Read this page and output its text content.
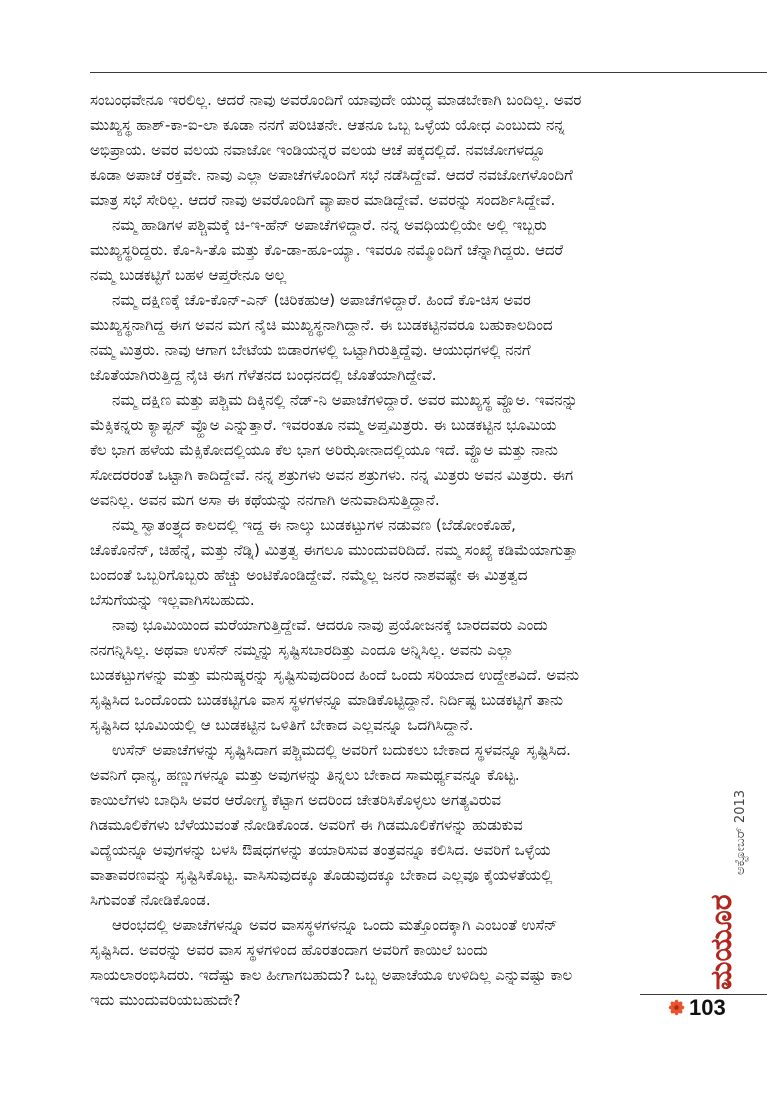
ಸಂಬಂಧವೇನೂ ಇರಲಿಲ್ಲ. ಆದರೆ ನಾವು ಅವರೊಂದಿಗೆ ಯಾವುದೇ ಯುದ್ಧ ಮಾಡಬೇಕಾಗಿ ಬಂದಿಲ್ಲ. ಅವರ
ಮುಖ್ಯಸ್ಥ ಹಾಶ್-ಕಾ-ಐ-ಲಾ ಕೂಡಾ ನನಗೆ ಪರಿಚಿತನೇ. ಆತನೂ ಒಬ್ಬ ಒಳ್ಳೆಯ ಯೋಧ ಎಂಬುದು ನನ್ನ
ಅಭಿಪ್ರಾಯ. ಅವರ ವಲಯ ನವಾಜೋ ಇಂಡಿಯನ್ನರ ವಲಯ ಆಚೆ ಪಕ್ಕದಲ್ಲಿದೆ. ನವಜೋಗಳದ್ದೂ
ಕೂಡಾ ಅಪಾಚೆ ರಕ್ತವೇ. ನಾವು ಎಲ್ಲಾ ಅಪಾಚೆಗಳೊಂದಿಗೆ ಸಭೆ ನಡೆಸಿದ್ದೇವೆ. ಆದರೆ ನವಜೋಗಳೊಂದಿಗೆ
ಮಾತ್ರ ಸಭೆ ಸೇರಿಲ್ಲ. ಆದರೆ ನಾವು ಅವರೊಂದಿಗೆ ವ್ಯಾಪಾರ ಮಾಡಿದ್ದೇವೆ. ಅವರನ್ನು ಸಂದರ್ಶಿಸಿದ್ದೇವೆ.
ನಮ್ಮ ಹಾಡಿಗಳ ಪಶ್ಚಿಮಕ್ಕೆ ಚಿ-ಇ-ಹೆನ್ ಅಪಾಚೆಗಳಿದ್ದಾರೆ. ನನ್ನ ಅವಧಿಯಲ್ಲಿಯೇ ಅಲ್ಲಿ ಇಬ್ಬರು
ಮುಖ್ಯಸ್ಥರಿದ್ದರು. ಕೊ-ಸಿ-ತೊ ಮತ್ತು ಕೊ-ಡಾ-ಹೂ-ಯ್ಯಾ. ಇವರೂ ನಮ್ಮೊಂದಿಗೆ ಚೆನ್ನಾಗಿದ್ದರು. ಆದರೆ
ನಮ್ಮ ಬುಡಕಟ್ಟಿಗೆ ಬಹಳ ಆಪ್ತರೇನೂ ಅಲ್ಲ
ನಮ್ಮ ದಕ್ಷಿಣಕ್ಕೆ ಚೊ-ಕೊನ್-ಎನ್ (ಚಿರಿಕಹುಆ) ಅಪಾಚೆಗಳಿದ್ದಾರೆ. ಹಿಂದೆ ಕೊ-ಚಿಸ ಅವರ
ಮುಖ್ಯಸ್ಥನಾಗಿದ್ದ ಈಗ ಅವನ ಮಗ ನೈಚಿ ಮುಖ್ಯಸ್ಥನಾಗಿದ್ದಾನೆ. ಈ ಬುಡಕಟ್ಟಿನವರೂ ಬಹುಕಾಲದಿಂದ
ನಮ್ಮ ಮಿತ್ರರು. ನಾವು ಆಗಾಗ ಬೇಟೆಯ ಬಿಡಾರಗಳಲ್ಲಿ ಒಟ್ಟಾಗಿರುತ್ತಿದ್ದೆವು. ಆಯುಧಗಳಲ್ಲಿ ನನಗೆ
ಜೊತೆಯಾಗಿರುತ್ತಿದ್ದ ನೈಚಿ ಈಗ ಗೆಳೆತನದ ಬಂಧನದಲ್ಲಿ ಜೊತೆಯಾಗಿದ್ದೇವೆ.
ನಮ್ಮ ದಕ್ಷಿಣ ಮತ್ತು ಪಶ್ಚಿಮ ದಿಕ್ಕಿನಲ್ಲಿ ನೆಡ್-ನಿ ಅಪಾಚೆಗಳಿದ್ದಾರೆ. ಅವರ ಮುಖ್ಯಸ್ಥ ವ್ಹೊಅ. ಇವನನ್ನು
ಮೆಕ್ಸಿಕನ್ನರು ಕ್ಯಾಪ್ಟನ್ ವ್ಹೊಅ ಎನ್ನುತ್ತಾರೆ. ಇವರಂತೂ ನಮ್ಮ ಅಪ್ತಮಿತ್ರರು. ಈ ಬುಡಕಟ್ಟಿನ ಭೂಮಿಯ
ಕೆಲ ಭಾಗ ಹಳೆಯ ಮೆಕ್ಸಿಕೋದಲ್ಲಿಯೂ ಕೆಲ ಭಾಗ ಅರಿಝೋನಾದಲ್ಲಿಯೂ ಇದೆ. ವ್ಹೊಅ ಮತ್ತು ನಾನು
ಸೋದರರಂತೆ ಒಟ್ಟಾಗಿ ಕಾದಿದ್ದೇವೆ. ನನ್ನ ಶತ್ರುಗಳು ಅವನ ಶತ್ರುಗಳು. ನನ್ನ ಮಿತ್ರರು ಅವನ ಮಿತ್ರರು. ಈಗ
ಅವನಿಲ್ಲ. ಅವನ ಮಗ ಅಸಾ ಈ ಕಥೆಯನ್ನು ನನಗಾಗಿ ಅನುವಾದಿಸುತ್ತಿದ್ದಾನೆ.
ನಮ್ಮ ಸ್ವಾತಂತ್ರ್ಯದ ಕಾಲದಲ್ಲಿ ಇದ್ದ ಈ ನಾಲ್ಕು ಬುಡಕಟ್ಟುಗಳ ನಡುವಣ (ಬೆಡೋಂಕೊಹೆ,
ಚೊಕೊನೆನ್, ಚಿಹೆನ್ನೆ, ಮತ್ತು ನೆಡ್ನಿ) ಮಿತ್ರತ್ವ ಈಗಲೂ ಮುಂದುವರಿದಿದೆ. ನಮ್ಮ ಸಂಖ್ಯೆ ಕಡಿಮೆಯಾಗುತ್ತಾ
ಬಂದಂತೆ ಒಬ್ಬರಿಗೊಬ್ಬರು ಹೆಚ್ಚು ಅಂಟಿಕೊಂಡಿದ್ದೇವೆ. ನಮ್ಮೆಲ್ಲ ಜನರ ನಾಶವಷ್ಟೇ ಈ ಮಿತ್ರತ್ವದ
ಬೆಸುಗೆಯನ್ನು ಇಲ್ಲವಾಗಿಸಬಹುದು.
ನಾವು ಭೂಮಿಯಿಂದ ಮರೆಯಾಗುತ್ತಿದ್ದೇವೆ. ಆದರೂ ನಾವು ಪ್ರಯೋಜನಕ್ಕೆ ಬಾರದವರು ಎಂದು
ನನಗನ್ನಿಸಿಲ್ಲ. ಅಥವಾ ಉಸೆನ್ ನಮ್ಮನ್ನು ಸೃಷ್ಟಿಸಬಾರದಿತ್ತು ಎಂದೂ ಅನ್ನಿಸಿಲ್ಲ. ಅವನು ಎಲ್ಲಾ
ಬುಡಕಟ್ಟುಗಳನ್ನು ಮತ್ತು ಮನುಷ್ಯರನ್ನು ಸೃಷ್ಟಿಸುವುದರಿಂದ ಹಿಂದೆ ಒಂದು ಸರಿಯಾದ ಉದ್ದೇಶವಿದೆ. ಅವನು
ಸೃಷ್ಟಿಸಿದ ಒಂದೊಂದು ಬುಡಕಟ್ಟಿಗೂ ವಾಸ ಸ್ಥಳಗಳನ್ನೂ ಮಾಡಿಕೊಟ್ಟಿದ್ದಾನೆ. ನಿರ್ದಿಷ್ಟ ಬುಡಕಟ್ಟಿಗೆ ತಾನು
ಸೃಷ್ಟಿಸಿದ ಭೂಮಿಯಲ್ಲಿ ಆ ಬುಡಕಟ್ಟಿನ ಒಳಿತಿಗೆ ಬೇಕಾದ ಎಲ್ಲವನ್ನೂ ಒದಗಿಸಿದ್ದಾನೆ.
ಉಸೆನ್ ಅಪಾಚೆಗಳನ್ನು ಸೃಷ್ಟಿಸಿದಾಗ ಪಶ್ಚಿಮದಲ್ಲಿ ಅವರಿಗೆ ಬದುಕಲು ಬೇಕಾದ ಸ್ಥಳವನ್ನೂ ಸೃಷ್ಟಿಸಿದ.
ಅವನಿಗೆ ಧಾನ್ಯ, ಹಣ್ಣುಗಳನ್ನೂ ಮತ್ತು ಅವುಗಳನ್ನು ತಿನ್ನಲು ಬೇಕಾದ ಸಾಮರ್ಥ್ಯವನ್ನೂ ಕೊಟ್ಟ.
ಕಾಯಿಲೆಗಳು ಬಾಧಿಸಿ ಅವರ ಆರೋಗ್ಯ ಕೆಟ್ಟಾಗ ಅದರಿಂದ ಚೇತರಿಸಿಕೊಳ್ಳಲು ಅಗತ್ಯವಿರುವ
ಗಿಡಮೂಲಿಕೆಗಳು ಬೆಳೆಯುವಂತೆ ನೋಡಿಕೊಂಡ. ಅವರಿಗೆ ಈ ಗಿಡಮೂಲಿಕೆಗಳನ್ನು ಹುಡುಕುವ
ವಿದ್ಯೆಯನ್ನೂ ಅವುಗಳನ್ನು ಬಳಸಿ ಔಷಧಗಳನ್ನು ತಯಾರಿಸುವ ತಂತ್ರವನ್ನೂ ಕಲಿಸಿದ. ಅವರಿಗೆ ಒಳ್ಳೆಯ
ವಾತಾವರಣವನ್ನು ಸೃಷ್ಟಿಸಿಕೊಟ್ಟ. ವಾಸಿಸುವುದಕ್ಕೂ ತೊಡುವುದಕ್ಕೂ ಬೇಕಾದ ಎಲ್ಲವೂ ಕೈಯಳತೆಯಲ್ಲಿ
ಸಿಗುವಂತೆ ನೋಡಿಕೊಂಡ.
ಆರಂಭದಲ್ಲಿ ಅಪಾಚೆಗಳನ್ನೂ ಅವರ ವಾಸಸ್ಥಳಗಳನ್ನೂ ಒಂದು ಮತ್ತೊಂದಕ್ಕಾಗಿ ಎಂಬಂತೆ ಉಸೆನ್
ಸೃಷ್ಟಿಸಿದ. ಅವರನ್ನು ಅವರ ವಾಸ ಸ್ಥಳಗಳಿಂದ ಹೊರತಂದಾಗ ಅವರಿಗೆ ಕಾಯಿಲೆ ಬಂದು
ಸಾಯಲಾರಂಭಿಸಿದರು. ಇದೆಷ್ಟು ಕಾಲ ಹೀಗಾಗಬಹುದು? ಒಬ್ಬ ಅಪಾಚೆಯೂ ಉಳಿದಿಲ್ಲ ಎನ್ನುವಷ್ಟು ಕಾಲ
ಇದು ಮುಂದುವರಿಯಬಹುದೇ?
ಅಕ್ಟೋಬರ್ 2013
ಮಯೂರ
103
